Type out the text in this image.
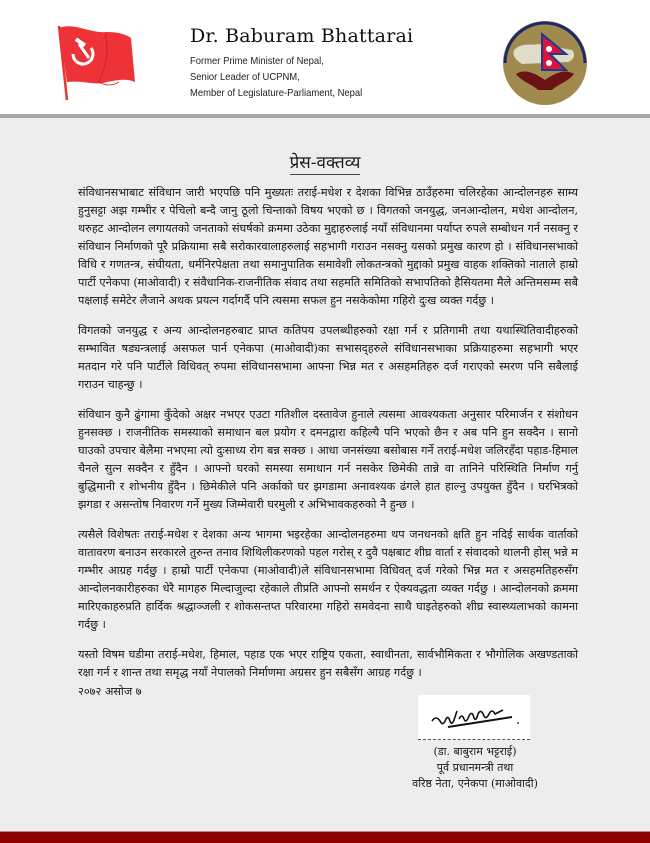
Dr. Baburam Bhattarai
Former Prime Minister of Nepal,
Senior Leader of UCPNM,
Member of Legislature-Parliament, Nepal
प्रेस-वक्तव्य

संविधानसभाबाट संविधान जारी भएपछि पनि मुख्यतः तराई-मधेश र देशका विभिन्न ठाउँहरुमा चलिरहेका आन्दोलनहरु साम्य हुनुसट्टा अझ गम्भीर र पेचिलो बन्दै जानु ठूलो चिन्ताको विषय भएको छ । विगतको जनयुद्ध, जनआन्दोलन, मधेश आन्दोलन, थरुहट आन्दोलन लगायतको जनताको संघर्षको क्रममा उठेका मुद्दाहरुलाई नयाँ संविधानमा पर्याप्त रुपले सम्बोधन गर्न नसक्नु र संविधान निर्माणको पूरै प्रक्रियामा सबै सरोकारवालाहरुलाई सहभागी गराउन नसक्नु यसको प्रमुख कारण हो । संविधानसभाको विधि र गणतन्त्र, संघीयता, धर्मनिरपेक्षता तथा समानुपातिक समावेशी लोकतन्त्रको मुद्दाको प्रमुख वाहक शक्तिको नाताले हाम्रो पार्टी एनेकपा (माओवादी) र संवैधानिक-राजनीतिक संवाद तथा सहमति समितिको सभापतिको हैसियतमा मैले अन्तिमसम्म सबै पक्षलाई समेटेर लैजाने अथक प्रयत्न गर्दागर्दै पनि त्यसमा सफल हुन नसकेकोमा गहिरो दुःख व्यक्त गर्दछु ।

विगतको जनयुद्ध र अन्य आन्दोलनहरुबाट प्राप्त कतिपय उपलब्धीहरुको रक्षा गर्न र प्रतिगामी तथा यथास्थितिवादीहरुको सम्भावित षड्यन्त्रलाई असफल पार्न एनेकपा (माओवादी)का सभासद्हरुले संविधानसभाका प्रक्रियाहरुमा सहभागी भएर मतदान गरे पनि पार्टीले विधिवत् रुपमा संविधानसभामा आफ्ना भिन्न मत र असहमतिहरु दर्ज गराएको स्मरण पनि सबैलाई गराउन चाहन्छु ।

संविधान कुनै ढुंगामा कुँदेको अक्षर नभएर एउटा गतिशील दस्तावेज हुनाले त्यसमा आवश्यकता अनुसार परिमार्जन र संशोधन हुनसक्छ । राजनीतिक समस्याको समाधान बल प्रयोग र दमनद्वारा कहिल्यै पनि भएको छैन र अब पनि हुन सक्दैन । सानो घाउको उपचार बेलैमा नभएमा त्यो दुःसाध्य रोग बन्न सक्छ । आधा जनसंख्या बसोबास गर्ने तराई-मधेश जलिरहँदा पहाड-हिमाल चैनले सुत्न सक्दैन र हुँदैन । आफ्नो घरको समस्या समाधान गर्न नसकेर छिमेकी तान्ने वा तानिने परिस्थिति निर्माण गर्नु बुद्धिमानी र शोभनीय हुँदैन । छिमेकीले पनि अर्काको घर झगडामा अनावश्यक ढंगले हात हाल्नु उपयुक्त हुँदैन । घरभित्रको झगडा र असन्तोष निवारण गर्ने मुख्य जिम्मेवारी घरमुली र अभिभावकहरुको नै हुन्छ ।

त्यसैले विशेषतः तराई-मधेश र देशका अन्य भागमा भइरहेका आन्दोलनहरुमा थप जनधनको क्षति हुन नदिई सार्थक वार्ताको वातावरण बनाउन सरकारले तुरुन्त तनाव शिथिलीकरणको पहल गरोस् र दुवै पक्षबाट शीघ्र वार्ता र संवादको थालनी होस् भन्ने म गम्भीर आग्रह गर्दछु । हाम्रो पार्टी एनेकपा (माओवादी)ले संविधानसभामा विधिवत् दर्ज गरेको भिन्न मत र असहमतिहरुसँग आन्दोलनकारीहरुका धेरै मागहरु मिल्दाजुल्दा रहेकाले तीप्रति आफ्नो समर्थन र ऐक्यवद्धता व्यक्त गर्दछु । आन्दोलनको क्रममा मारिएकाहरुप्रति हार्दिक श्रद्धाञ्जली र शोकसन्तप्त परिवारमा गहिरो समवेदना साथै घाइतेहरुको शीघ्र स्वास्थ्यलाभको कामना गर्दछु ।

यस्तो विषम घडीमा तराई-मधेश, हिमाल, पहाड एक भएर राष्ट्रिय एकता, स्वाधीनता, सार्वभौमिकता र भौगोलिक अखण्डताको रक्षा गर्न र शान्त तथा समृद्ध नयाँ नेपालको निर्माणमा अग्रसर हुन सबैसँग आग्रह गर्दछु ।

२०७२ असोज ७
(डा. बाबुराम भट्टराई)
पूर्व प्रधानमन्त्री तथा
वरिष्ठ नेता, एनेकपा (माओवादी)
